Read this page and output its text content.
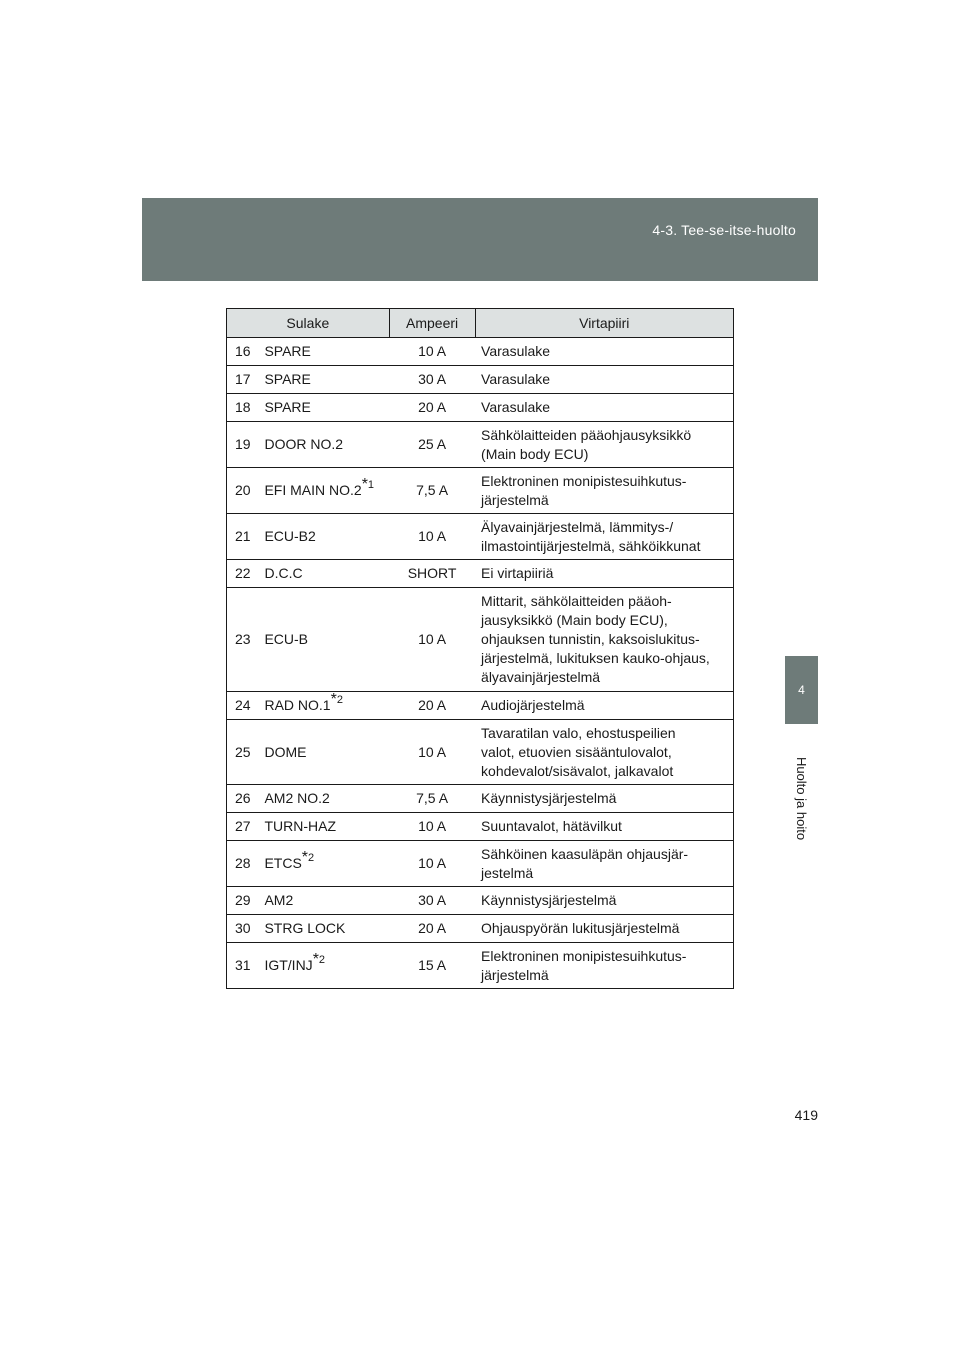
4-3. Tee-se-itse-huolto
4
Huolto ja hoito
Sulake		Ampeeri	Virtapiiri
16	SPARE	10 A	Varasulake

17	SPARE	30 A	Varasulake

18	SPARE	20 A	Varasulake

19	DOOR NO.2	25 A	Sähkölaitteiden pääohjausyksikkö
(Main body ECU)

20	EFI MAIN NO.2$^{*1}$	7,5 A	Elektroninen monipistesuihkutus-
järjestelmä

21	ECU-B2	10 A	Älyavainjärjestelmä, lämmitys-/
ilmastointijärjestelmä, sähköikkunat

22	D.C.C	SHORT	Ei virtapiiriä

23	ECU-B	10 A	Mittarit, sähkölaitteiden pääoh-
jausyksikkö (Main body ECU),
ohjauksen tunnistin, kaksoislukitus-
järjestelmä, lukituksen kauko-ohjaus,
älyavainjärjestelmä

24	RAD NO.1$^{*2}$	20 A	Audiojärjestelmä

25	DOME	10 A	Tavaratilan valo, ehostuspeilien
valot, etuovien sisääntulovalot,
kohdevalot/sisävalot, jalkavalot

26	AM2 NO.2	7,5 A	Käynnistysjärjestelmä

27	TURN-HAZ	10 A	Suuntavalot, hätävilkut

28	ETCS$^{*2}$	10 A	Sähköinen kaasuläpän ohjausjär-
jestelmä

29	AM2	30 A	Käynnistysjärjestelmä

30	STRG LOCK	20 A	Ohjauspyörän lukitusjärjestelmä

31	IGT/INJ$^{*2}$	15 A	Elektroninen monipistesuihkutus-
järjestelmä
419
